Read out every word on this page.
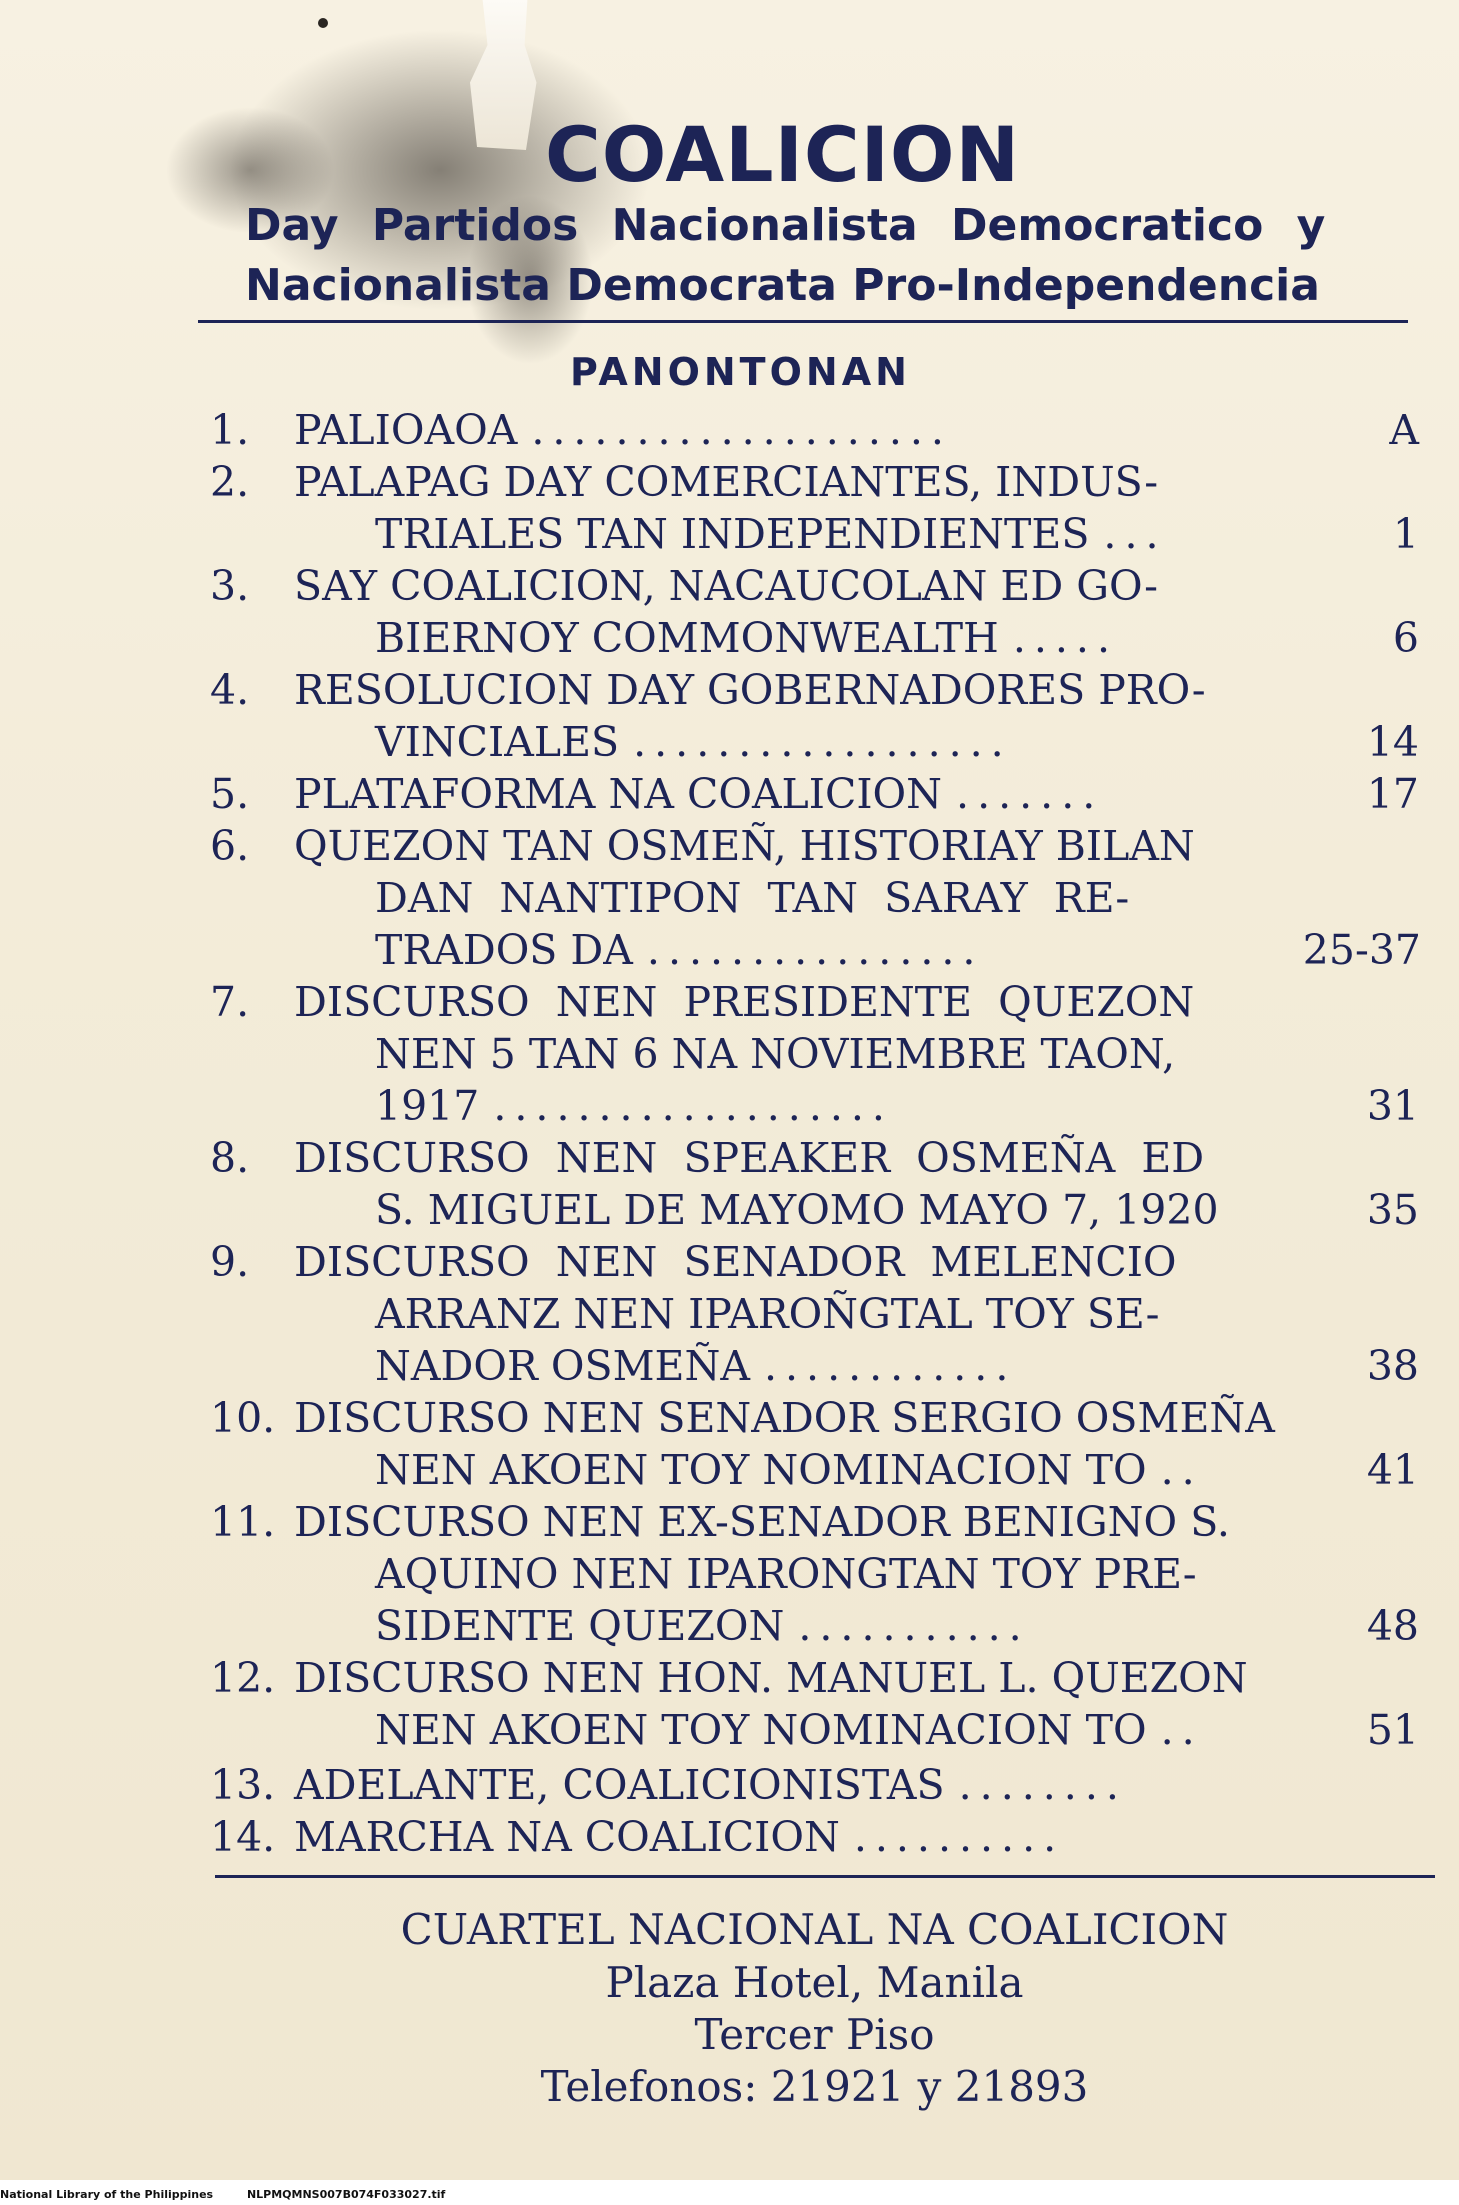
COALICION
Day Partidos Nacionalista Democratico y
Nacionalista Democrata Pro-Independencia
PANONTONAN
1. PALIOAOA ....................	A
2. PALAPAG DAY COMERCIANTES, INDUS-
TRIALES TAN INDEPENDIENTES ...	1
3. SAY COALICION, NACAUCOLAN ED GO-
BIERNOY COMMONWEALTH .....	6
4. RESOLUCION DAY GOBERNADORES PRO-
VINCIALES ..................	14
5. PLATAFORMA NA COALICION .......	17
6. QUEZON TAN OSMEÑ, HISTORIAY BILAN
DAN  NANTIPON  TAN  SARAY  RE-
TRADOS DA ................	25-37
7. DISCURSO  NEN  PRESIDENTE  QUEZON
NEN 5 TAN 6 NA NOVIEMBRE TAON,
1917 ...................	31
8. DISCURSO  NEN  SPEAKER  OSMEÑA  ED
S. MIGUEL DE MAYOMO MAYO 7, 1920	35
9. DISCURSO  NEN  SENADOR  MELENCIO
ARRANZ NEN IPAROÑGTAL TOY SE-
NADOR OSMEÑA ............	38
10. DISCURSO NEN SENADOR SERGIO OSMEÑA
NEN AKOEN TOY NOMINACION TO ..	41
11. DISCURSO NEN EX-SENADOR BENIGNO S.
AQUINO NEN IPARONGTAN TOY PRE-
SIDENTE QUEZON ...........	48
12. DISCURSO NEN HON. MANUEL L. QUEZON
NEN AKOEN TOY NOMINACION TO ..	51
13. ADELANTE, COALICIONISTAS ........
14. MARCHA NA COALICION ..........
CUARTEL NACIONAL NA COALICION
Plaza Hotel, Manila
Tercer Piso
Telefonos: 21921 y 21893
National Library of the Philippines	NLPMQMNS007B074F033027.tif
